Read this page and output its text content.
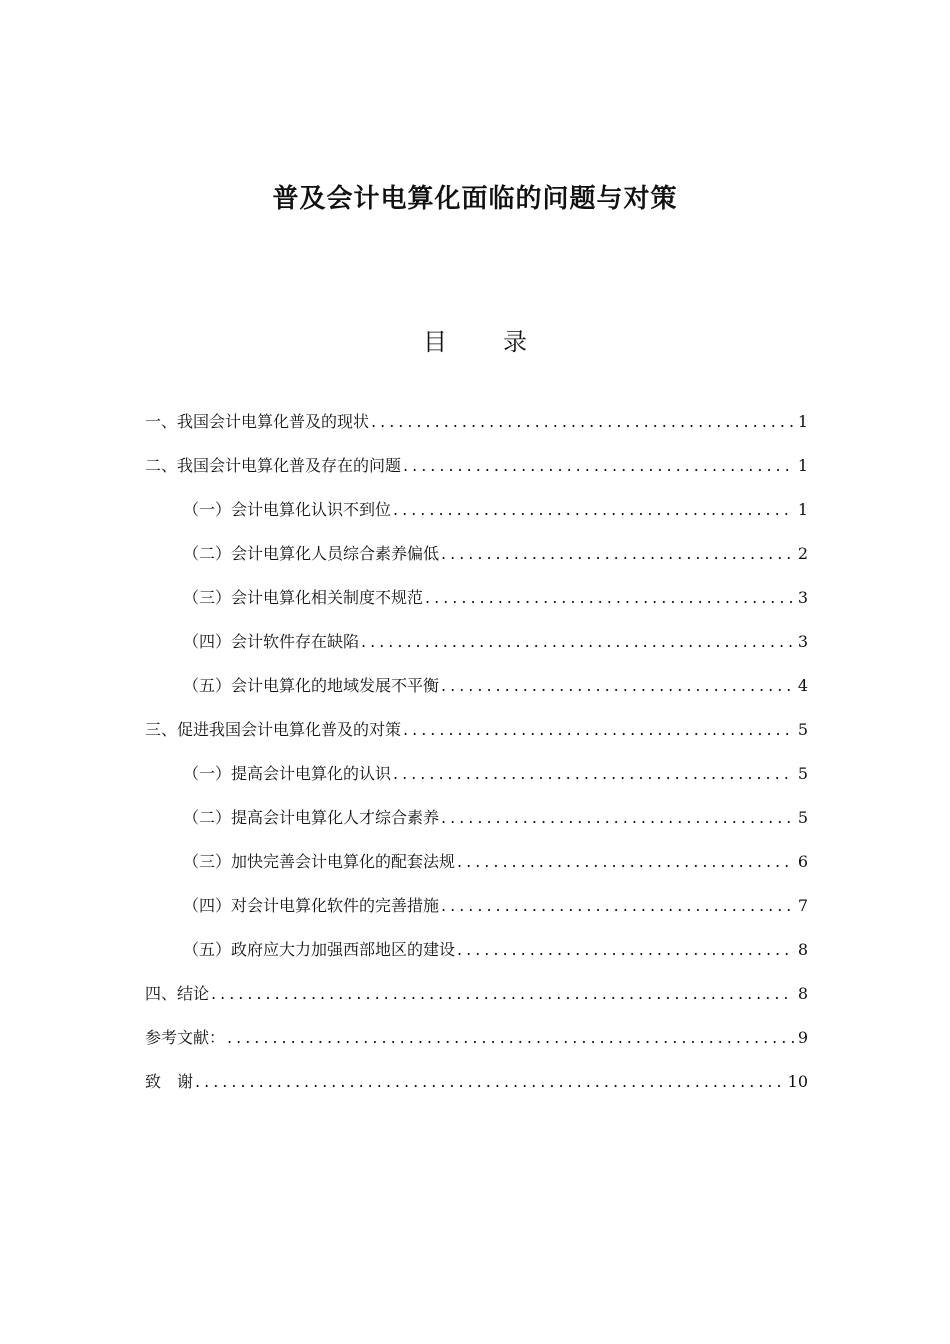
普及会计电算化面临的问题与对策
目 录
一、我国会计电算化普及的现状 .....	1
二、我国会计电算化普及存在的问题 .....	1
（一）会计电算化认识不到位 .....	1
（二）会计电算化人员综合素养偏低 .....	2
（三）会计电算化相关制度不规范 .....	3
（四）会计软件存在缺陷 .....	3
（五）会计电算化的地域发展不平衡 .....	4
三、促进我国会计电算化普及的对策 .....	5
（一）提高会计电算化的认识 .....	5
（二）提高会计电算化人才综合素养 .....	5
（三）加快完善会计电算化的配套法规 .....	6
（四）对会计电算化软件的完善措施 .....	7
（五）政府应大力加强西部地区的建设 .....	8
四、结论 .....	8
参考文献： .....	9
致　谢 .....	10
